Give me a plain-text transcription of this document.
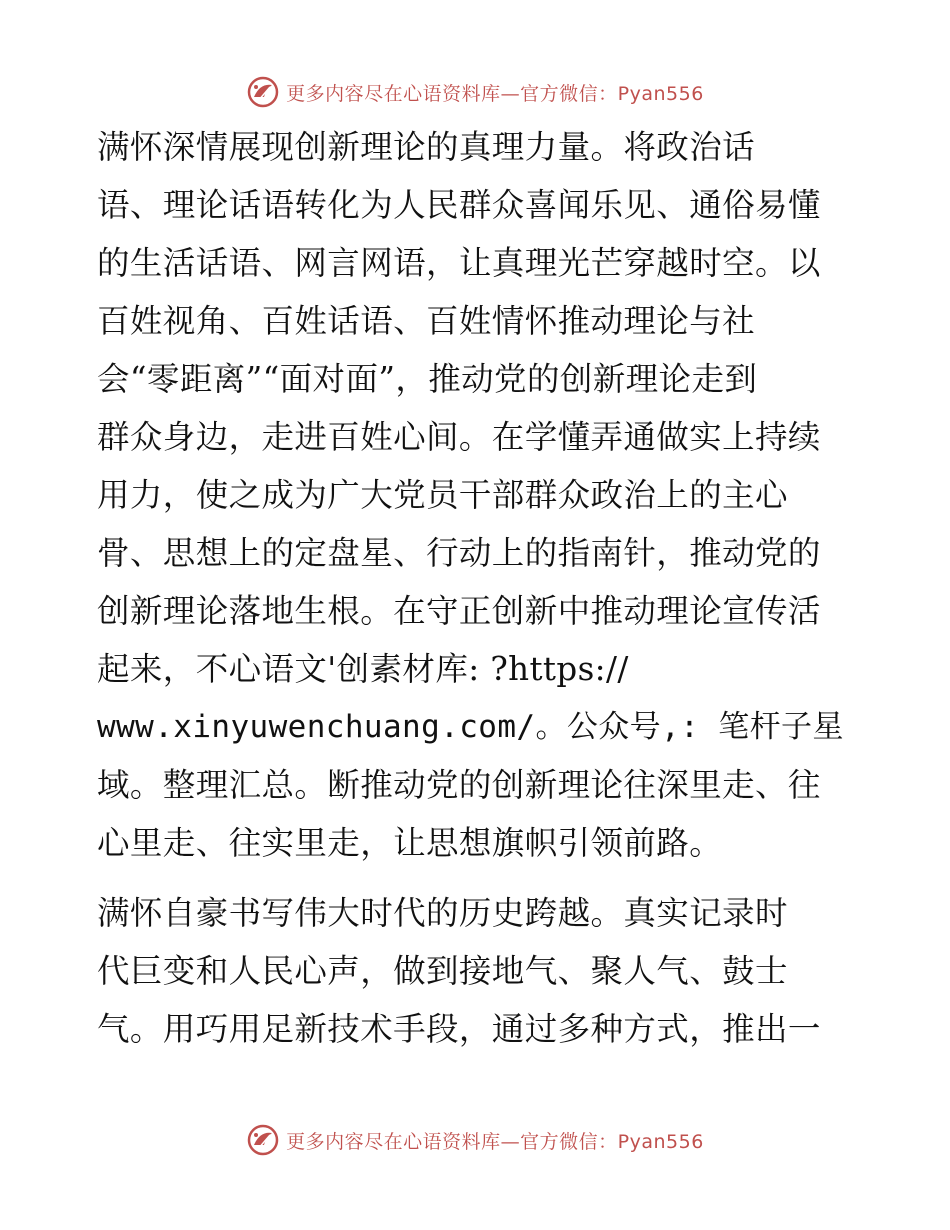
更多内容尽在心语资料库—官方微信：Pyan556
满怀深情展现创新理论的真理力量。将政治话
语、理论话语转化为人民群众喜闻乐见、通俗易懂
的生活话语、网言网语，让真理光芒穿越时空。以
百姓视角、百姓话语、百姓情怀推动理论与社
会“零距离”“面对面”，推动党的创新理论走到
群众身边，走进百姓心间。在学懂弄通做实上持续
用力，使之成为广大党员干部群众政治上的主心
骨、思想上的定盘星、行动上的指南针，推动党的
创新理论落地生根。在守正创新中推动理论宣传活
起来，不心语文'创素材库: ?https://
www.xinyuwenchuang.com/。公众号,: 笔杆子星
域。整理汇总。断推动党的创新理论往深里走、往
心里走、往实里走，让思想旗帜引领前路。
满怀自豪书写伟大时代的历史跨越。真实记录时
代巨变和人民心声，做到接地气、聚人气、鼓士
气。用巧用足新技术手段，通过多种方式，推出一
更多内容尽在心语资料库—官方微信：Pyan556
